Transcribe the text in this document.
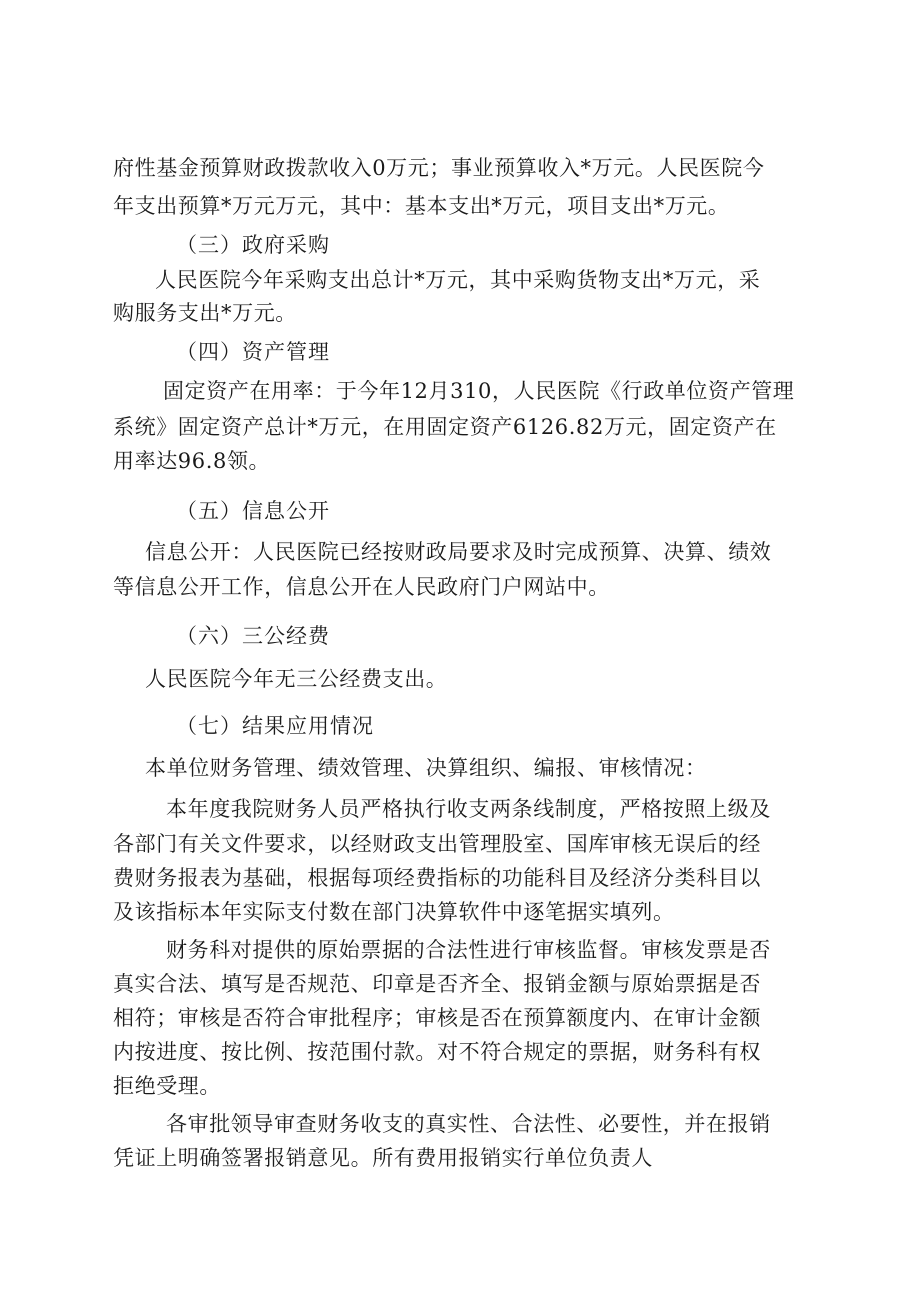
府性基金预算财政拨款收入0万元；事业预算收入*万元。人民医院今
年支出预算*万元万元，其中：基本支出*万元，项目支出*万元。
（三）政府采购
人民医院今年采购支出总计*万元，其中采购货物支出*万元，采
购服务支出*万元。
（四）资产管理
固定资产在用率：于今年12月310，人民医院《行政单位资产管理
系统》固定资产总计*万元，在用固定资产6126.82万元，固定资产在
用率达96.8领。
（五）信息公开
信息公开：人民医院已经按财政局要求及时完成预算、决算、绩效
等信息公开工作，信息公开在人民政府门户网站中。
（六）三公经费
人民医院今年无三公经费支出。
（七）结果应用情况
本单位财务管理、绩效管理、决算组织、编报、审核情况：
本年度我院财务人员严格执行收支两条线制度，严格按照上级及
各部门有关文件要求，以经财政支出管理股室、国库审核无误后的经
费财务报表为基础，根据每项经费指标的功能科目及经济分类科目以
及该指标本年实际支付数在部门决算软件中逐笔据实填列。
财务科对提供的原始票据的合法性进行审核监督。审核发票是否
真实合法、填写是否规范、印章是否齐全、报销金额与原始票据是否
相符；审核是否符合审批程序；审核是否在预算额度内、在审计金额
内按进度、按比例、按范围付款。对不符合规定的票据，财务科有权
拒绝受理。
各审批领导审查财务收支的真实性、合法性、必要性，并在报销
凭证上明确签署报销意见。所有费用报销实行单位负责人
